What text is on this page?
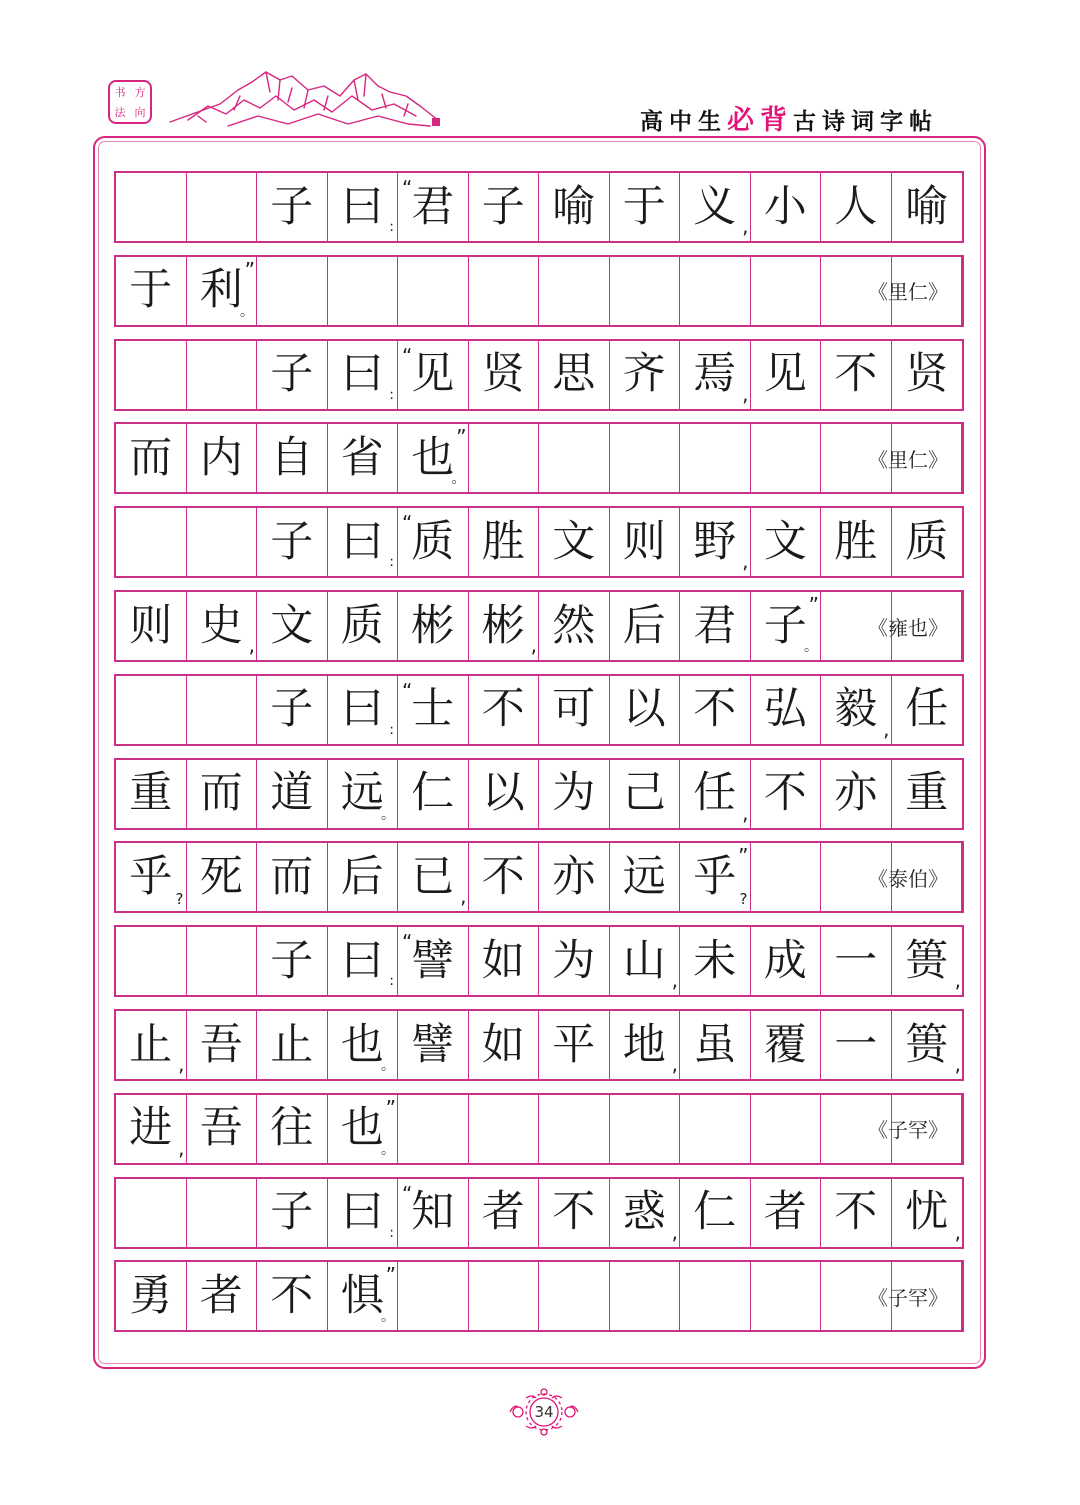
书 方
法 向	高中生必背古诗词字帖
子 曰 : 君
“ 子 喻 于 义 , 小 人 喻
于 利
。
”
《里仁》
子 曰 : 见
“ 贤 思 齐 焉 , 见 不 贤
而 内 自 省 也
。
”
《里仁》
子 曰 : 质
“ 胜 文 则 野 , 文 胜 质
则 史 , 文 质 彬 彬 , 然 后 君 子
。
”
《雍也》
子 曰 : 士
“ 不 可 以 不 弘 毅 , 任
重 而 道 远
。 仁 以 为 己 任 , 不 亦 重
乎 ? 死 而 后 已 , 不 亦 远 乎 ?
”
《泰伯》
子 曰 : 譬
“ 如 为 山 , 未 成 一 篑 ,
止 , 吾 止 也
。 譬 如 平 地 , 虽 覆 一 篑 ,
进 , 吾 往 也
。
”
《子罕》
子 曰 : 知
“ 者 不 惑 , 仁 者 不 忧 ,
勇 者 不 惧
。
”
《子罕》
34
